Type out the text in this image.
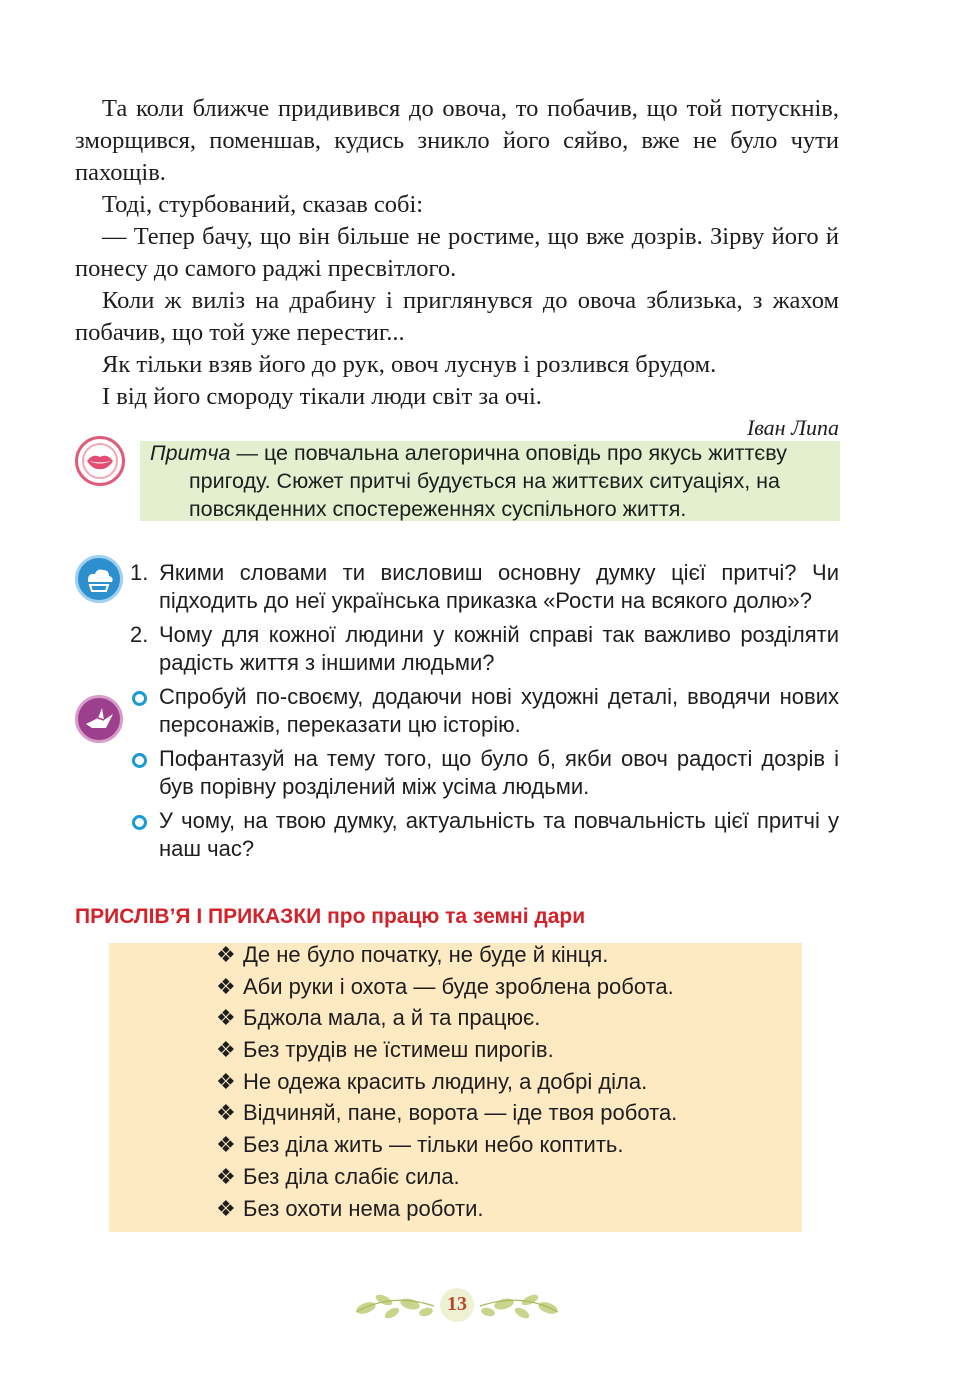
Та коли ближче придивився до овоча, то побачив, що той потускнів, зморщився, поменшав, кудись зникло його сяйво, вже не було чути пахощів.

Тоді, стурбований, сказав собі:

— Тепер бачу, що він більше не ростиме, що вже дозрів. Зірву його й понесу до самого раджі пресвітлого.

Коли ж виліз на драбину і приглянувся до овоча зблизька, з жахом побачив, що той уже перестиг...

Як тільки взяв його до рук, овоч луснув і розлився брудом.

І від його смороду тікали люди світ за очі.

Іван Липа
Притча — це повчальна алегорична оповідь про якусь життєву
пригоду. Сюжет притчі будується на життєвих ситуаціях, на повсякденних спостереженнях суспільного життя.
1. Якими словами ти висловиш основну думку цієї притчі? Чи підходить до неї українська приказка «Рости на всякого долю»?
2. Чому для кожної людини у кожній справі так важливо розділяти радість життя з іншими людьми?
Спробуй по-своєму, додаючи нові художні деталі, вводячи нових персонажів, переказати цю історію.
Пофантазуй на тему того, що було б, якби овоч радості дозрів і був порівну розділений між усіма людьми.
У чому, на твою думку, актуальність та повчальність цієї притчі у наш час?
ПРИСЛІВ’Я І ПРИКАЗКИ про працю та земні дари
❖ Де не було початку, не буде й кінця.
❖ Аби руки і охота — буде зроблена робота.
❖ Бджола мала, а й та працює.
❖ Без трудів не їстимеш пирогів.
❖ Не одежа красить людину, а добрі діла.
❖ Відчиняй, пане, ворота — іде твоя робота.
❖ Без діла жить — тільки небо коптить.
❖ Без діла слабіє сила.
❖ Без охоти нема роботи.
13
